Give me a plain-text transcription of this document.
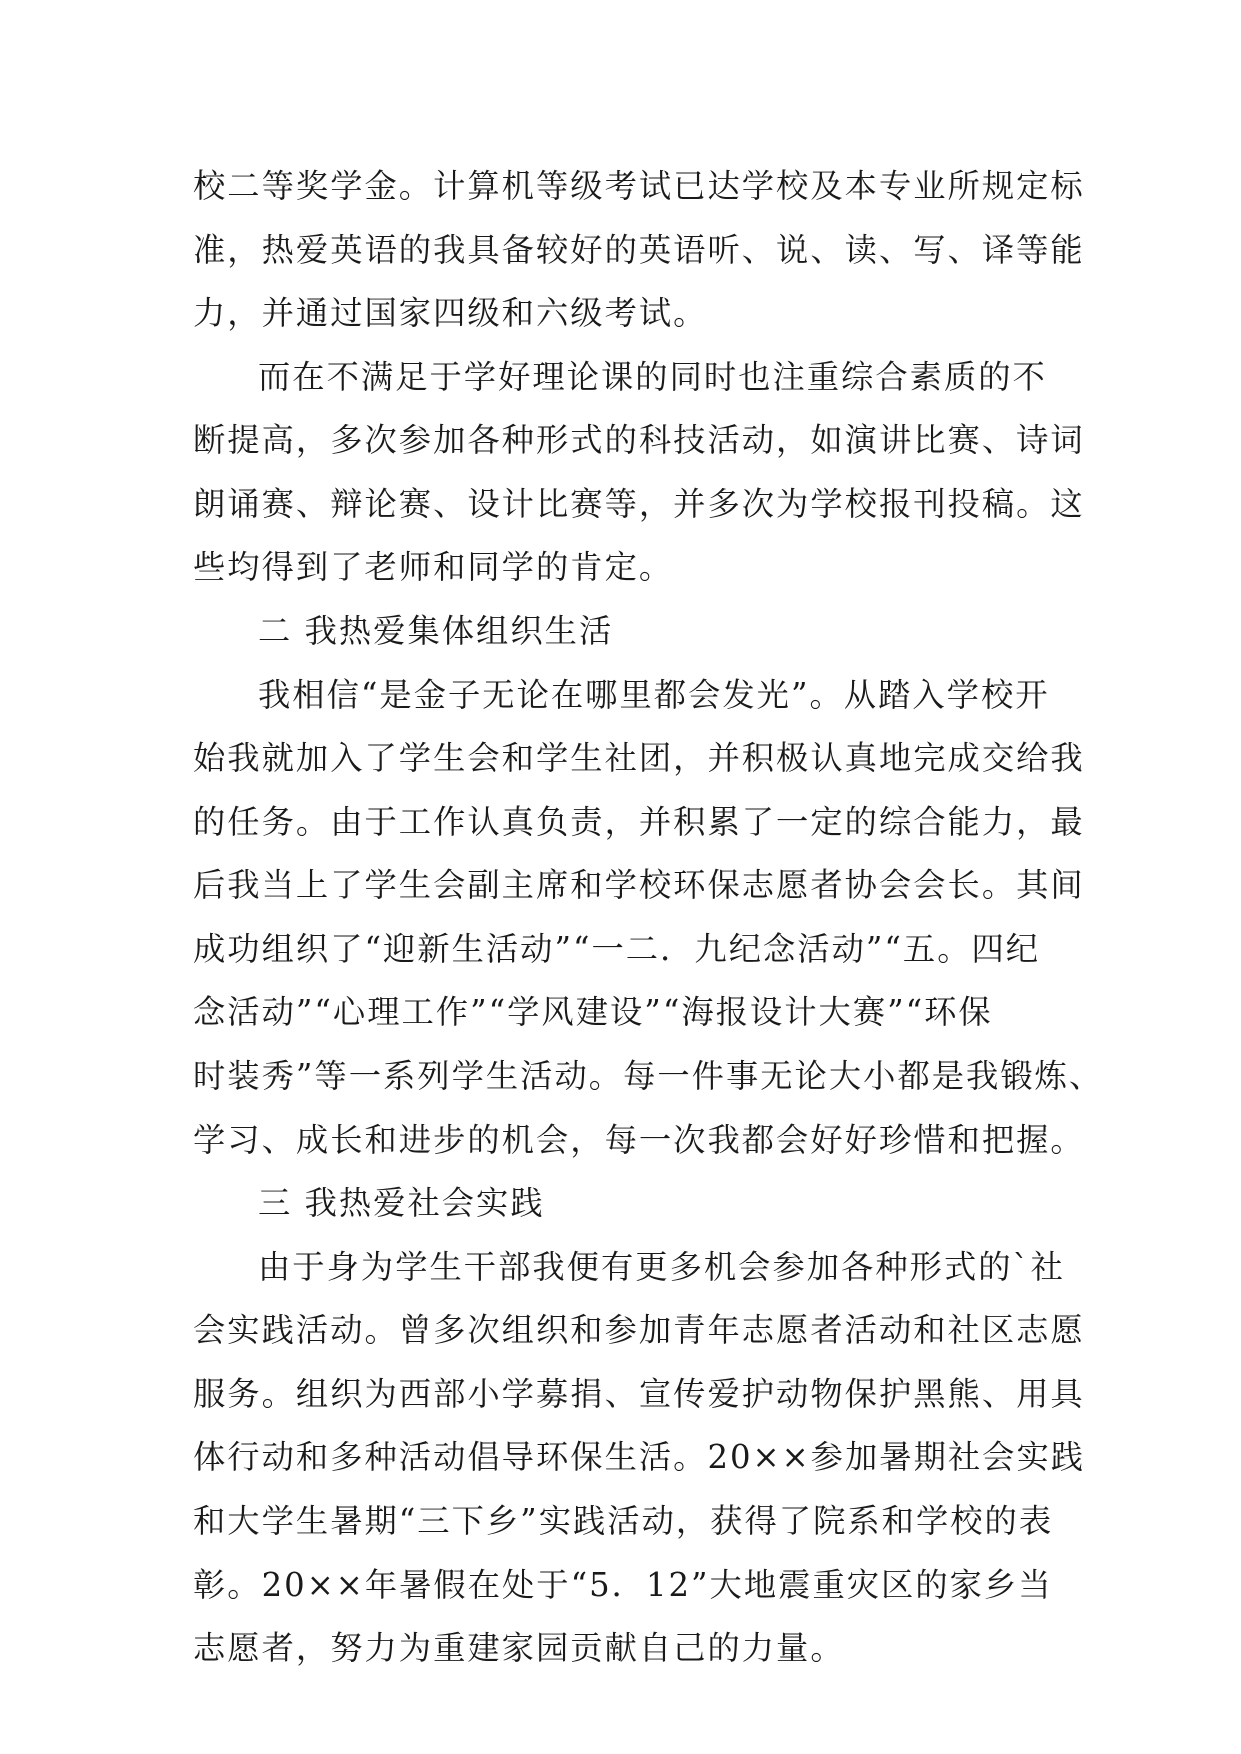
校二等奖学金。计算机等级考试已达学校及本专业所规定标
准，热爱英语的我具备较好的英语听、说、读、写、译等能
力，并通过国家四级和六级考试。
而在不满足于学好理论课的同时也注重综合素质的不
断提高，多次参加各种形式的科技活动，如演讲比赛、诗词
朗诵赛、辩论赛、设计比赛等，并多次为学校报刊投稿。这
些均得到了老师和同学的肯定。
二 我热爱集体组织生活
我相信“是金子无论在哪里都会发光”。从踏入学校开
始我就加入了学生会和学生社团，并积极认真地完成交给我
的任务。由于工作认真负责，并积累了一定的综合能力，最
后我当上了学生会副主席和学校环保志愿者协会会长。其间
成功组织了“迎新生活动”“一二．九纪念活动”“五。四纪
念活动”“心理工作”“学风建设”“海报设计大赛”“环保
时装秀”等一系列学生活动。每一件事无论大小都是我锻炼、
学习、成长和进步的机会，每一次我都会好好珍惜和把握。
三 我热爱社会实践
由于身为学生干部我便有更多机会参加各种形式的`社
会实践活动。曾多次组织和参加青年志愿者活动和社区志愿
服务。组织为西部小学募捐、宣传爱护动物保护黑熊、用具
体行动和多种活动倡导环保生活。20××参加暑期社会实践
和大学生暑期“三下乡”实践活动，获得了院系和学校的表
彰。20××年暑假在处于“5．12”大地震重灾区的家乡当
志愿者，努力为重建家园贡献自己的力量。
